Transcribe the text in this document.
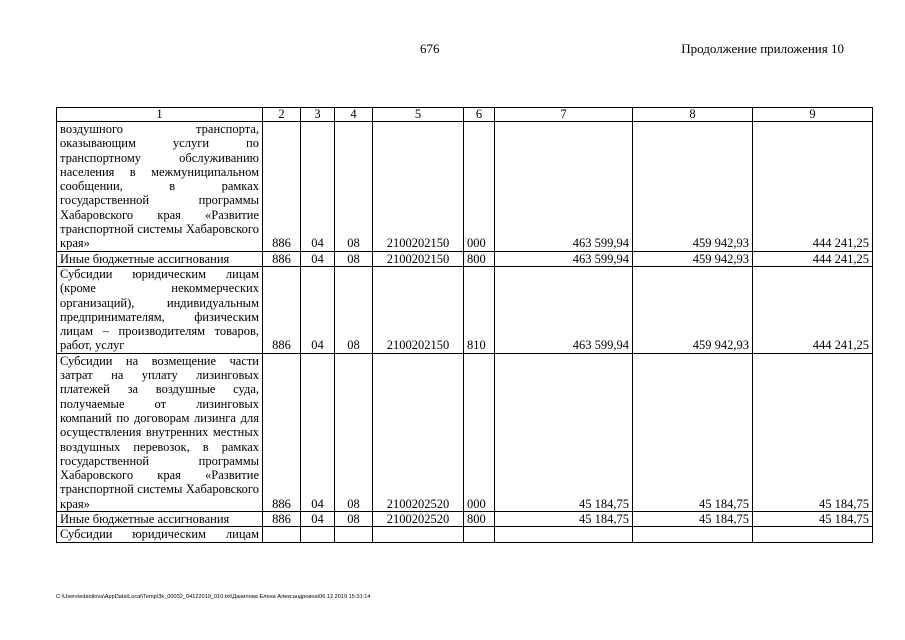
676	Продолжение приложения 10
1	2	3	4	5	6	7	8	9
воздушного транспорта, оказывающим услуги по транспортному обслуживанию населения в межмуниципальном сообщении, в рамках государственной программы Хабаровского края «Развитие транспортной системы Хабаровского края»	886	04	08	2100202150	000	463 599,94	459 942,93	444 241,25
Иные бюджетные ассигнования	886	04	08	2100202150	800	463 599,94	459 942,93	444 241,25
Субсидии юридическим лицам (кроме некоммерческих организаций), индивидуальным предпринимателям, физическим лицам – производителям товаров, работ, услуг	886	04	08	2100202150	810	463 599,94	459 942,93	444 241,25
Субсидии на возмещение части затрат на уплату лизинговых платежей за воздушные суда, получаемые от лизинговых компаний по договорам лизинга для осуществления внутренних местных воздушных перевозок, в рамках государственной программы Хабаровского края «Развитие транспортной системы Хабаровского края»	886	04	08	2100202520	000	45 184,75	45 184,75	45 184,75
Иные бюджетные ассигнования	886	04	08	2100202520	800	45 184,75	45 184,75	45 184,75
Субсидии юридическим лицам								
C:\Users\edanilova\AppData\Local\Temp\3k_00032_04122019_010.txt\Данилова Елена Александровна\06.12.2019 15:31:14
